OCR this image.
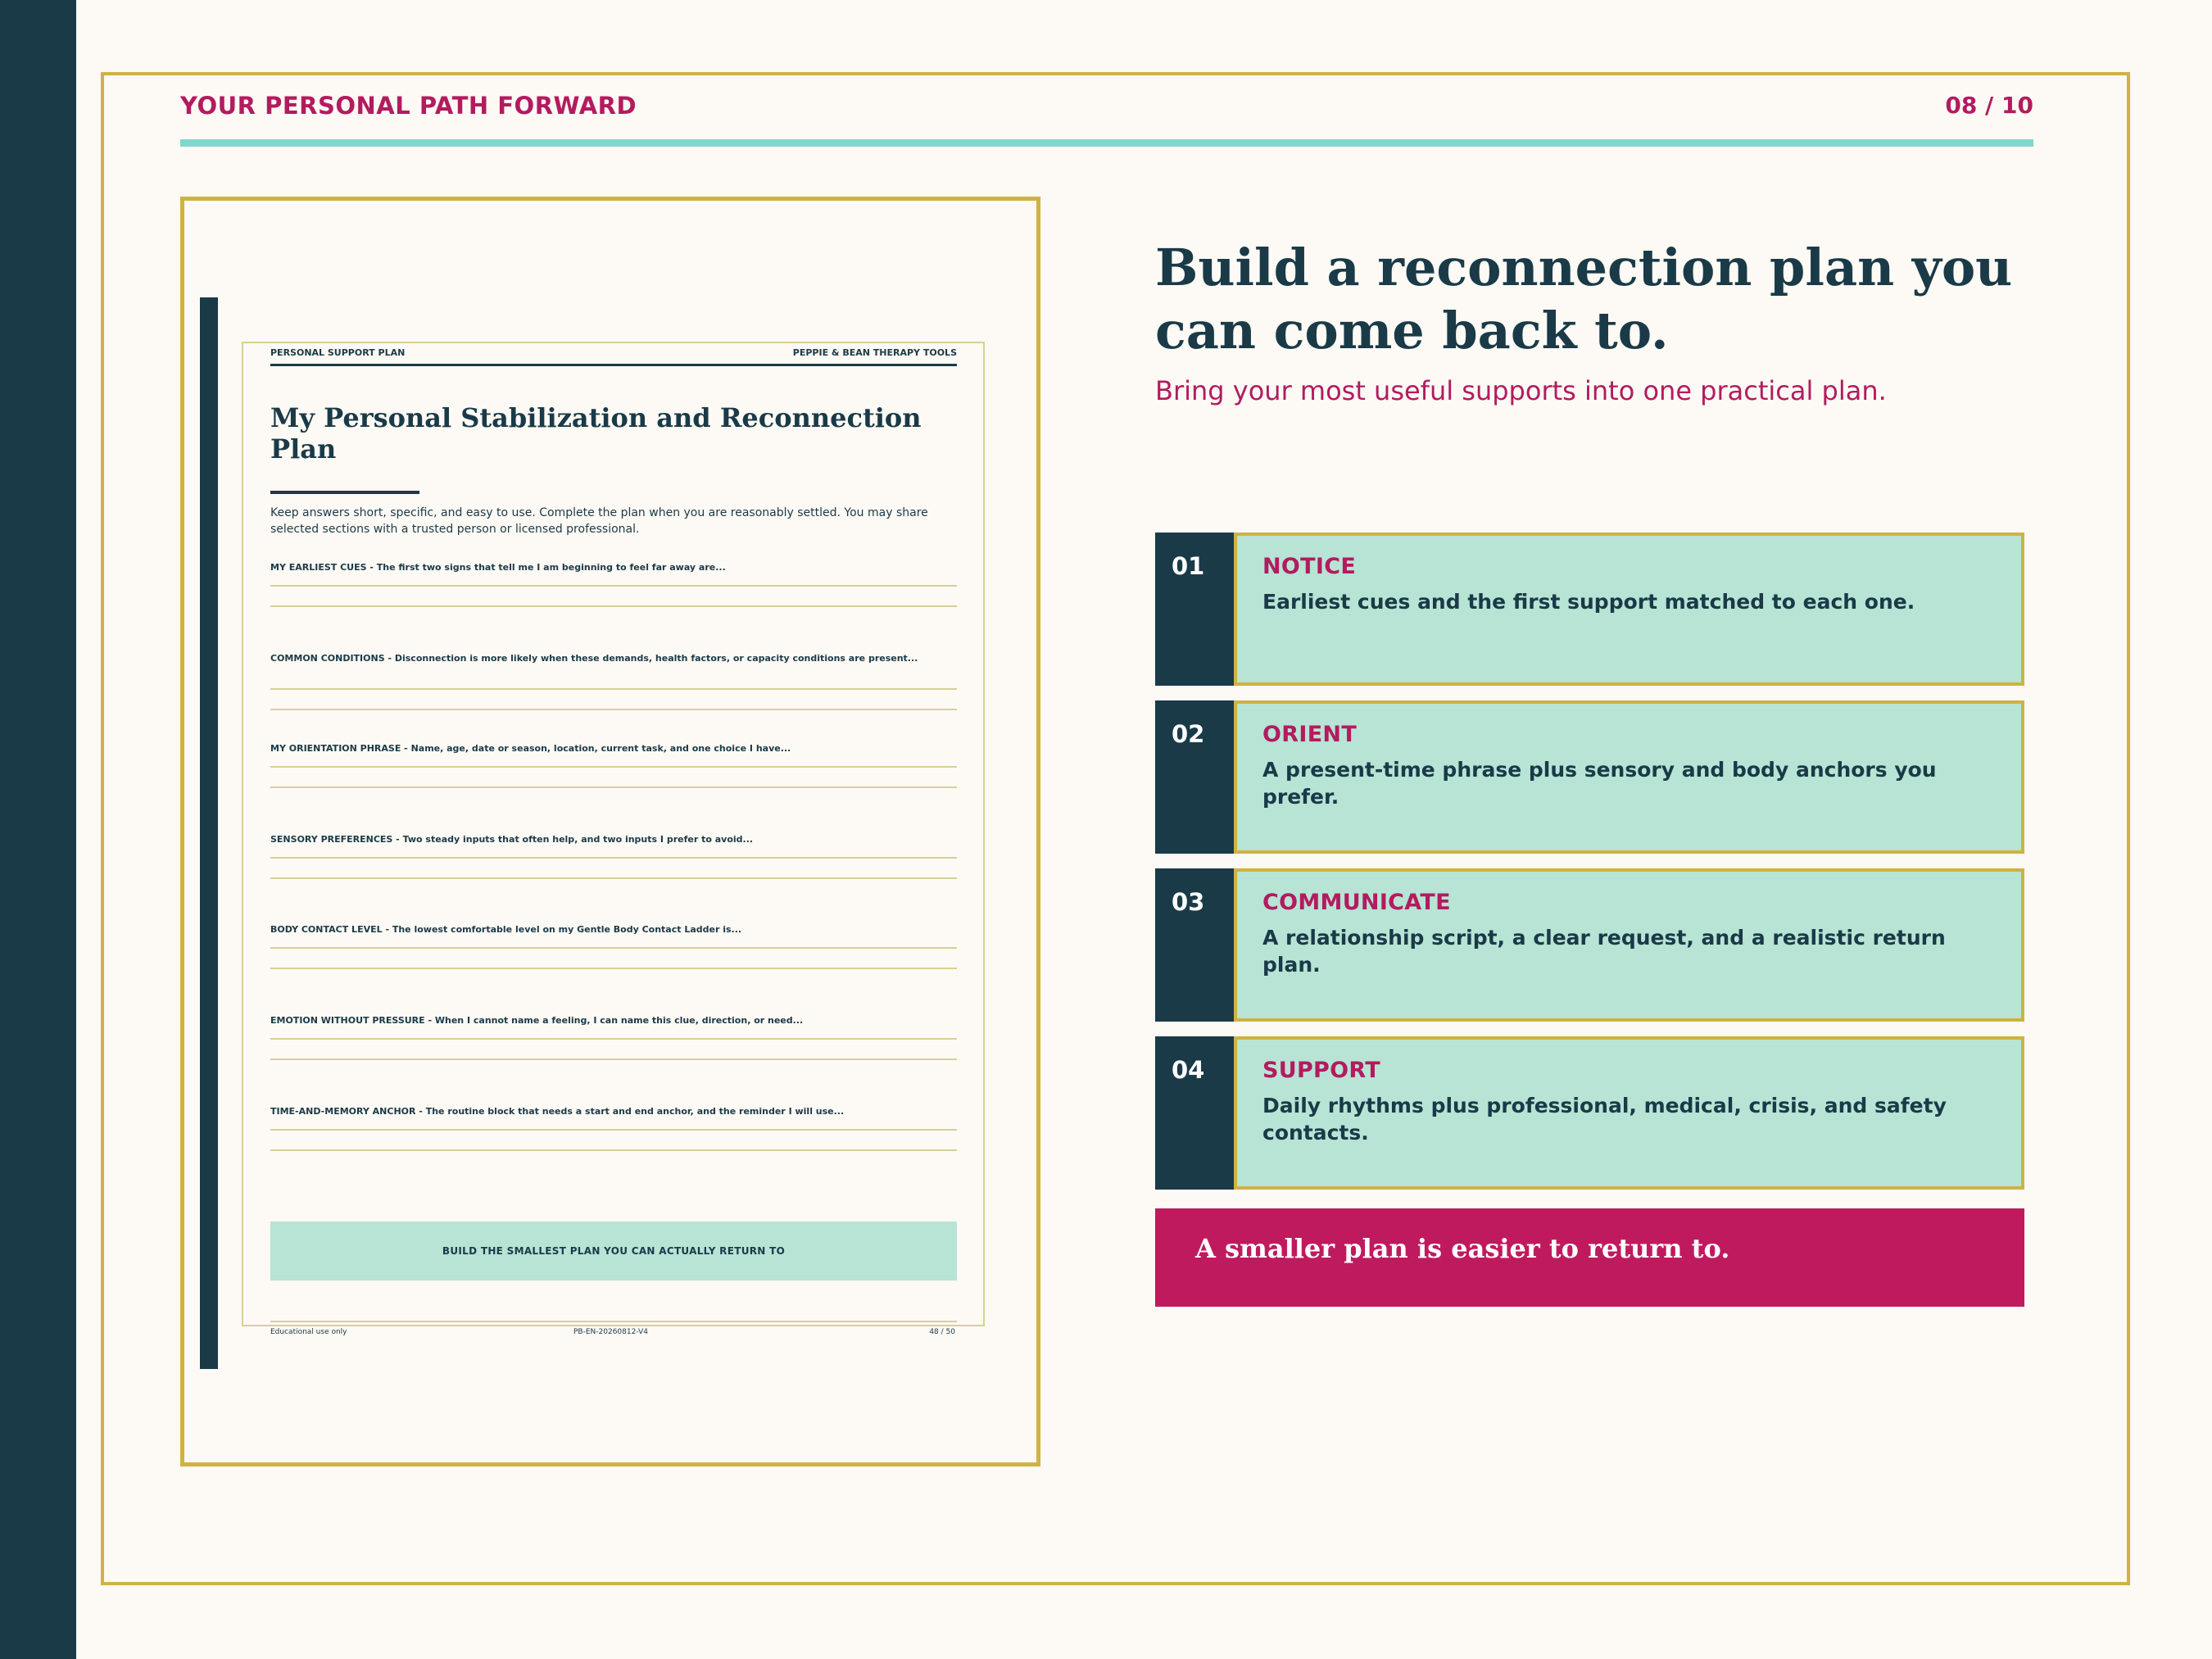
YOUR PERSONAL PATH FORWARD	08 / 10
PERSONAL SUPPORT PLAN	PEPPIE & BEAN THERAPY TOOLS
My Personal Stabilization and Reconnection Plan
Keep answers short, specific, and easy to use. Complete the plan when you are reasonably settled. You may share selected sections with a trusted person or licensed professional.
MY EARLIEST CUES - The first two signs that tell me I am beginning to feel far away are...
COMMON CONDITIONS - Disconnection is more likely when these demands, health factors, or capacity conditions are present...
MY ORIENTATION PHRASE - Name, age, date or season, location, current task, and one choice I have...
SENSORY PREFERENCES - Two steady inputs that often help, and two inputs I prefer to avoid...
BODY CONTACT LEVEL - The lowest comfortable level on my Gentle Body Contact Ladder is...
EMOTION WITHOUT PRESSURE - When I cannot name a feeling, I can name this clue, direction, or need...
TIME-AND-MEMORY ANCHOR - The routine block that needs a start and end anchor, and the reminder I will use...
BUILD THE SMALLEST PLAN YOU CAN ACTUALLY RETURN TO
Educational use only	PB-EN-20260812-V4	48 / 50
Build a reconnection plan you can come back to.
Bring your most useful supports into one practical plan.
01	NOTICE
Earliest cues and the first support matched to each one.
02	ORIENT
A present-time phrase plus sensory and body anchors you prefer.
03	COMMUNICATE
A relationship script, a clear request, and a realistic return plan.
04	SUPPORT
Daily rhythms plus professional, medical, crisis, and safety contacts.
A smaller plan is easier to return to.
